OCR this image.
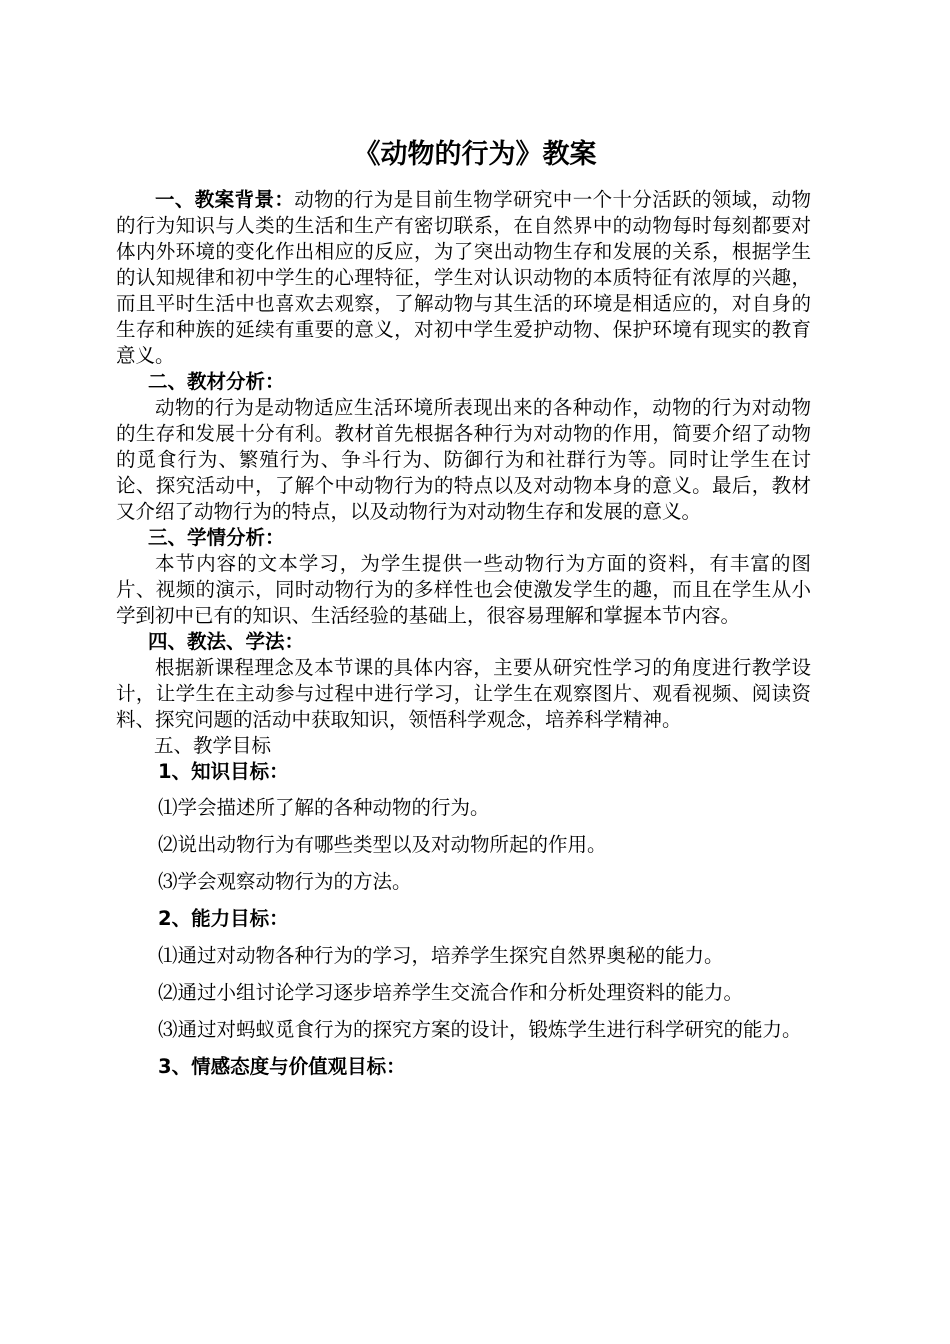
《动物的行为》教案

一、教案背景：动物的行为是目前生物学研究中一个十分活跃的领域，动物的行为知识与人类的生活和生产有密切联系，在自然界中的动物每时每刻都要对体内外环境的变化作出相应的反应，为了突出动物生存和发展的关系，根据学生的认知规律和初中学生的心理特征，学生对认识动物的本质特征有浓厚的兴趣，而且平时生活中也喜欢去观察，了解动物与其生活的环境是相适应的，对自身的生存和种族的延续有重要的意义，对初中学生爱护动物、保护环境有现实的教育意义。

二、教材分析：

动物的行为是动物适应生活环境所表现出来的各种动作，动物的行为对动物的生存和发展十分有利。教材首先根据各种行为对动物的作用，简要介绍了动物的觅食行为、繁殖行为、争斗行为、防御行为和社群行为等。同时让学生在讨论、探究活动中，了解个中动物行为的特点以及对动物本身的意义。最后，教材又介绍了动物行为的特点，以及动物行为对动物生存和发展的意义。

三、学情分析：

本节内容的文本学习，为学生提供一些动物行为方面的资料，有丰富的图片、视频的演示，同时动物行为的多样性也会使激发学生的趣，而且在学生从小学到初中已有的知识、生活经验的基础上，很容易理解和掌握本节内容。

四、教法、学法：

根据新课程理念及本节课的具体内容，主要从研究性学习的角度进行教学设计，让学生在主动参与过程中进行学习，让学生在观察图片、观看视频、阅读资料、探究问题的活动中获取知识，领悟科学观念，培养科学精神。

五、教学目标

1、知识目标：

⑴学会描述所了解的各种动物的行为。

⑵说出动物行为有哪些类型以及对动物所起的作用。

⑶学会观察动物行为的方法。

2、能力目标：

⑴通过对动物各种行为的学习，培养学生探究自然界奥秘的能力。

⑵通过小组讨论学习逐步培养学生交流合作和分析处理资料的能力。

⑶通过对蚂蚁觅食行为的探究方案的设计，锻炼学生进行科学研究的能力。

3、情感态度与价值观目标：
